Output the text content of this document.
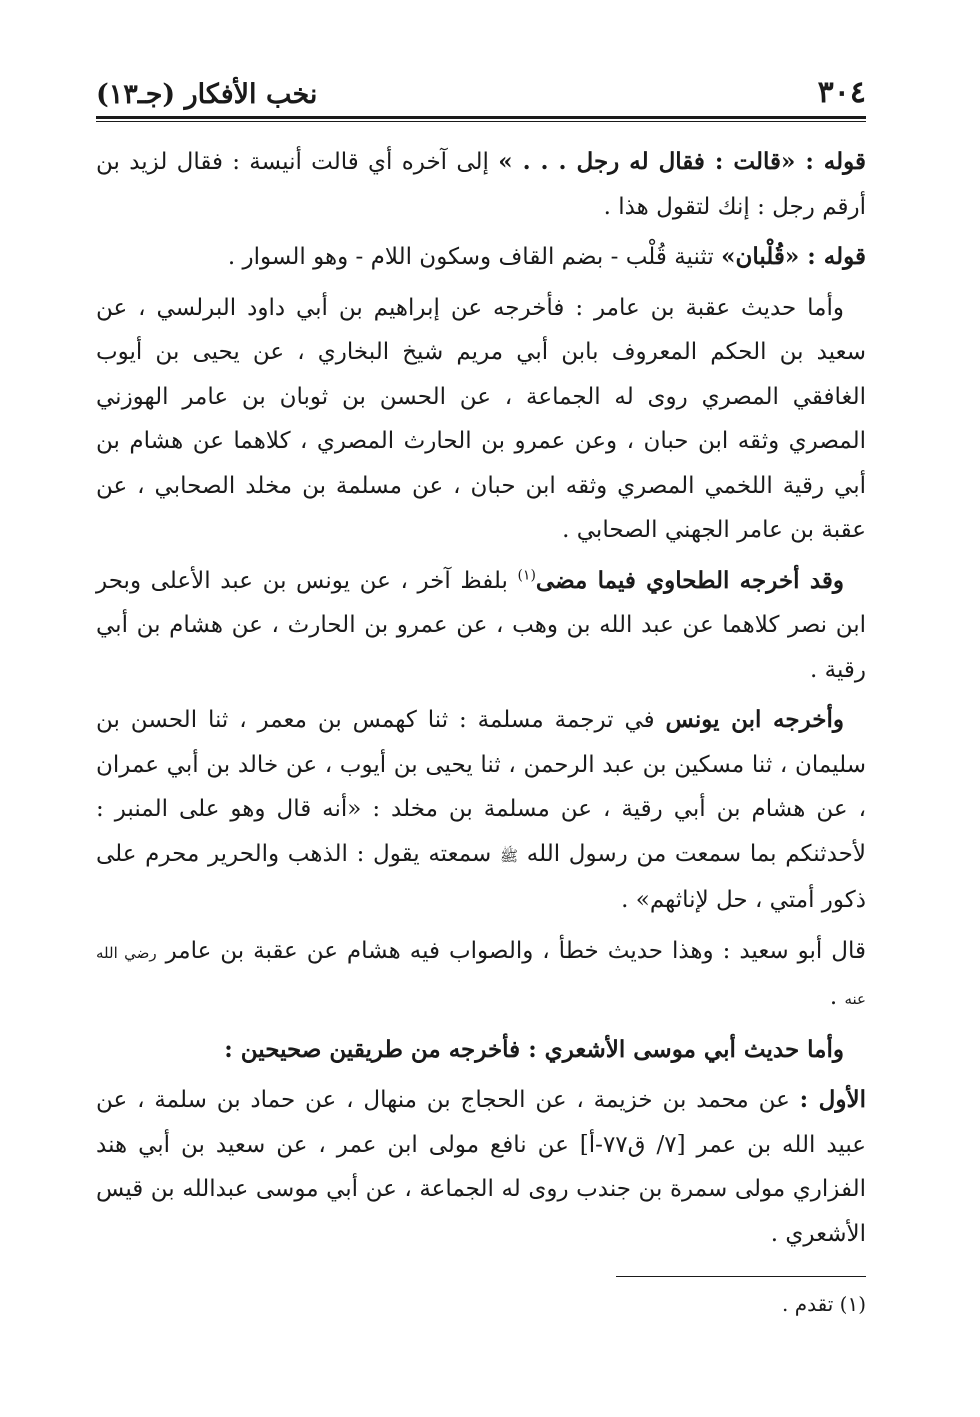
٣٠٤
نخب الأفكار (جـ١٣)

قوله : «قالت : فقال له رجل . . . » إلى آخره أي قالت أنيسة : فقال لزيد بن أرقم رجل : إنك لتقول هذا .

قوله : «قُلْبان» تثنية قُلْب - بضم القاف وسكون اللام - وهو السوار .

وأما حديث عقبة بن عامر : فأخرجه عن إبراهيم بن أبي داود البرلسي ، عن سعيد بن الحكم المعروف بابن أبي مريم شيخ البخاري ، عن يحيى بن أيوب الغافقي المصري روى له الجماعة ، عن الحسن بن ثوبان بن عامر الهوزني المصري وثقه ابن حبان ، وعن عمرو بن الحارث المصري ، كلاهما عن هشام بن أبي رقية اللخمي المصري وثقه ابن حبان ، عن مسلمة بن مخلد الصحابي ، عن عقبة بن عامر الجهني الصحابي .

وقد أخرجه الطحاوي فيما مضى$^{(١)}$ بلفظ آخر ، عن يونس بن عبد الأعلى وبحر ابن نصر كلاهما عن عبد الله بن وهب ، عن عمرو بن الحارث ، عن هشام بن أبي رقية .

وأخرجه ابن يونس في ترجمة مسلمة : ثنا كهمس بن معمر ، ثنا الحسن بن سليمان ، ثنا مسكين بن عبد الرحمن ، ثنا يحيى بن أيوب ، عن خالد بن أبي عمران ، عن هشام بن أبي رقية ، عن مسلمة بن مخلد : «أنه قال وهو على المنبر : لأحدثنكم بما سمعت من رسول الله ﷺ سمعته يقول : الذهب والحرير محرم على ذكور أمتي ، حل لإناثهم» .

قال أبو سعيد : وهذا حديث خطأ ، والصواب فيه هشام عن عقبة بن عامر رضي الله عنه .

وأما حديث أبي موسى الأشعري : فأخرجه من طريقين صحيحين :

الأول : عن محمد بن خزيمة ، عن الحجاج بن منهال ، عن حماد بن سلمة ، عن عبيد الله بن عمر [٧/ ق٧٧-أ] عن نافع مولى ابن عمر ، عن سعيد بن أبي هند الفزاري مولى سمرة بن جندب روى له الجماعة ، عن أبي موسى عبدالله بن قيس الأشعري .

(١) تقدم .
